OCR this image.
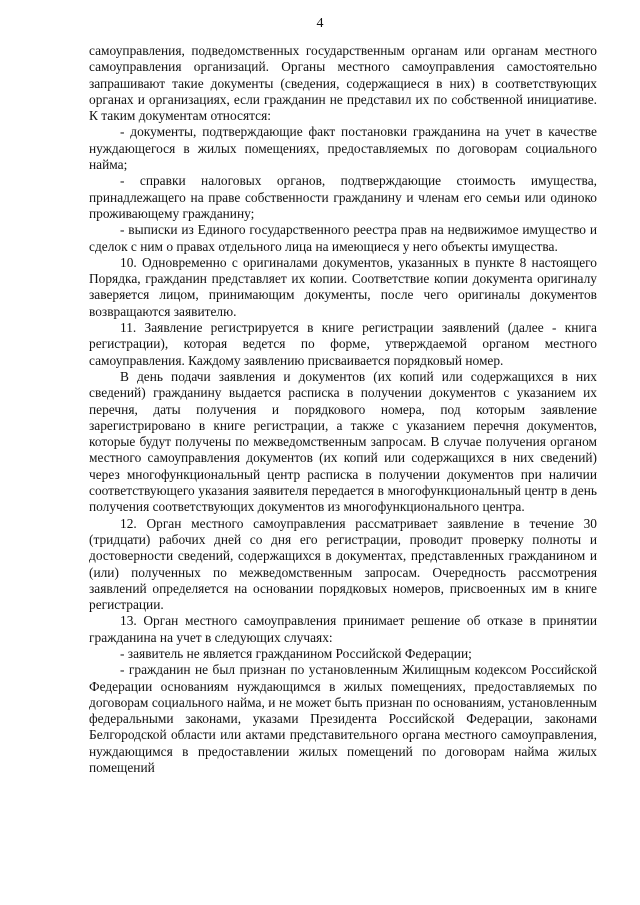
4

самоуправления, подведомственных государственным органам или органам местного самоуправления организаций. Органы местного самоуправления самостоятельно запрашивают такие документы (сведения, содержащиеся в них) в соответствующих органах и организациях, если гражданин не представил их по собственной инициативе. К таким документам относятся:

- документы, подтверждающие факт постановки гражданина на учет в качестве нуждающегося в жилых помещениях, предоставляемых по договорам социального найма;

- справки налоговых органов, подтверждающие стоимость имущества, принадлежащего на праве собственности гражданину и членам его семьи или одиноко проживающему гражданину;

- выписки из Единого государственного реестра прав на недвижимое имущество и сделок с ним о правах отдельного лица на имеющиеся у него объекты имущества.

10. Одновременно с оригиналами документов, указанных в пункте 8 настоящего Порядка, гражданин представляет их копии. Соответствие копии документа оригиналу заверяется лицом, принимающим документы, после чего оригиналы документов возвращаются заявителю.

11. Заявление регистрируется в книге регистрации заявлений (далее - книга регистрации), которая ведется по форме, утверждаемой органом местного самоуправления. Каждому заявлению присваивается порядковый номер.

В день подачи заявления и документов (их копий или содержащихся в них сведений) гражданину выдается расписка в получении документов с указанием их перечня, даты получения и порядкового номера, под которым заявление зарегистрировано в книге регистрации, а также с указанием перечня документов, которые будут получены по межведомственным запросам. В случае получения органом местного самоуправления документов (их копий или содержащихся в них сведений) через многофункциональный центр расписка в получении документов при наличии соответствующего указания заявителя передается в многофункциональный центр в день получения соответствующих документов из многофункционального центра.

12. Орган местного самоуправления рассматривает заявление в течение 30 (тридцати) рабочих дней со дня его регистрации, проводит проверку полноты и достоверности сведений, содержащихся в документах, представленных гражданином и (или) полученных по межведомственным запросам. Очередность рассмотрения заявлений определяется на основании порядковых номеров, присвоенных им в книге регистрации.

13. Орган местного самоуправления принимает решение об отказе в принятии гражданина на учет в следующих случаях:

- заявитель не является гражданином Российской Федерации;

- гражданин не был признан по установленным Жилищным кодексом Российской Федерации основаниям нуждающимся в жилых помещениях, предоставляемых по договорам социального найма, и не может быть признан по основаниям, установленным федеральными законами, указами Президента Российской Федерации, законами Белгородской области или актами представительного органа местного самоуправления, нуждающимся в предоставлении жилых помещений по договорам найма жилых помещений
